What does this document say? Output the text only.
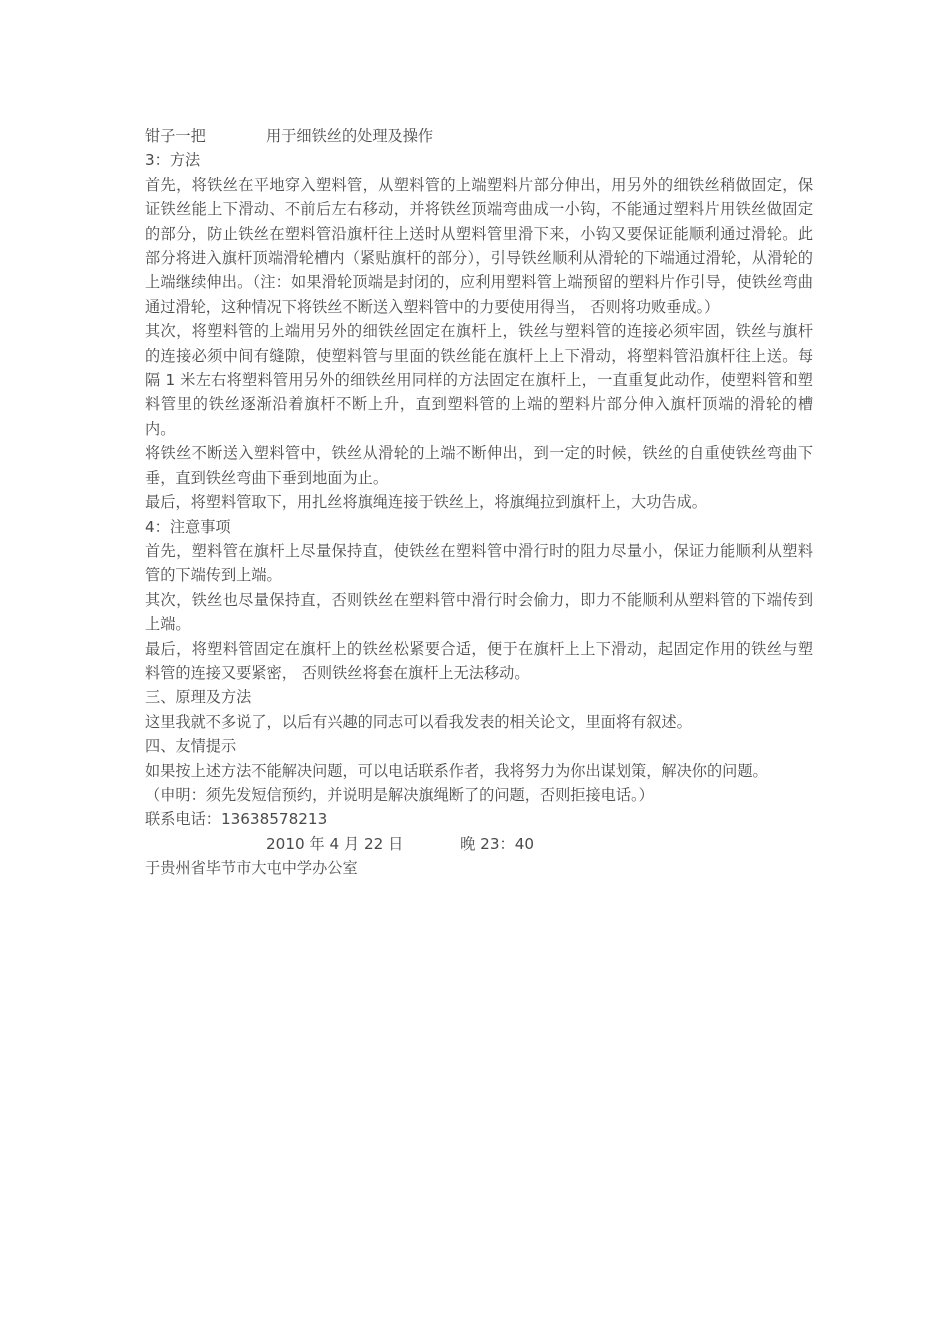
钳子一把	用于细铁丝的处理及操作

3：方法

首先，将铁丝在平地穿入塑料管，从塑料管的上端塑料片部分伸出，用另外的细铁丝稍做固定，保证铁丝能上下滑动、不前后左右移动，并将铁丝顶端弯曲成一小钩，不能通过塑料片用铁丝做固定的部分，防止铁丝在塑料管沿旗杆往上送时从塑料管里滑下来，小钩又要保证能顺利通过滑轮。此部分将进入旗杆顶端滑轮槽内（紧贴旗杆的部分），引导铁丝顺利从滑轮的下端通过滑轮，从滑轮的上端继续伸出。（注：如果滑轮顶端是封闭的，应利用塑料管上端预留的塑料片作引导，使铁丝弯曲通过滑轮，这种情况下将铁丝不断送入塑料管中的力要使用得当， 否则将功败垂成。）

其次，将塑料管的上端用另外的细铁丝固定在旗杆上，铁丝与塑料管的连接必须牢固，铁丝与旗杆的连接必须中间有缝隙，使塑料管与里面的铁丝能在旗杆上上下滑动，将塑料管沿旗杆往上送。每隔 1 米左右将塑料管用另外的细铁丝用同样的方法固定在旗杆上，一直重复此动作，使塑料管和塑料管里的铁丝逐渐沿着旗杆不断上升，直到塑料管的上端的塑料片部分伸入旗杆顶端的滑轮的槽内。

将铁丝不断送入塑料管中，铁丝从滑轮的上端不断伸出，到一定的时候，铁丝的自重使铁丝弯曲下垂，直到铁丝弯曲下垂到地面为止。

最后，将塑料管取下，用扎丝将旗绳连接于铁丝上，将旗绳拉到旗杆上，大功告成。

4：注意事项

首先，塑料管在旗杆上尽量保持直，使铁丝在塑料管中滑行时的阻力尽量小，保证力能顺利从塑料管的下端传到上端。

其次，铁丝也尽量保持直，否则铁丝在塑料管中滑行时会偷力，即力不能顺利从塑料管的下端传到上端。

最后，将塑料管固定在旗杆上的铁丝松紧要合适，便于在旗杆上上下滑动，起固定作用的铁丝与塑料管的连接又要紧密， 否则铁丝将套在旗杆上无法移动。

三、原理及方法

这里我就不多说了，以后有兴趣的同志可以看我发表的相关论文，里面将有叙述。

四、友情提示

如果按上述方法不能解决问题，可以电话联系作者，我将努力为你出谋划策，解决你的问题。

（申明：须先发短信预约，并说明是解决旗绳断了的问题，否则拒接电话。）

联系电话：13638578213

2010 年 4 月 22 日	晚 23：40

于贵州省毕节市大屯中学办公室
